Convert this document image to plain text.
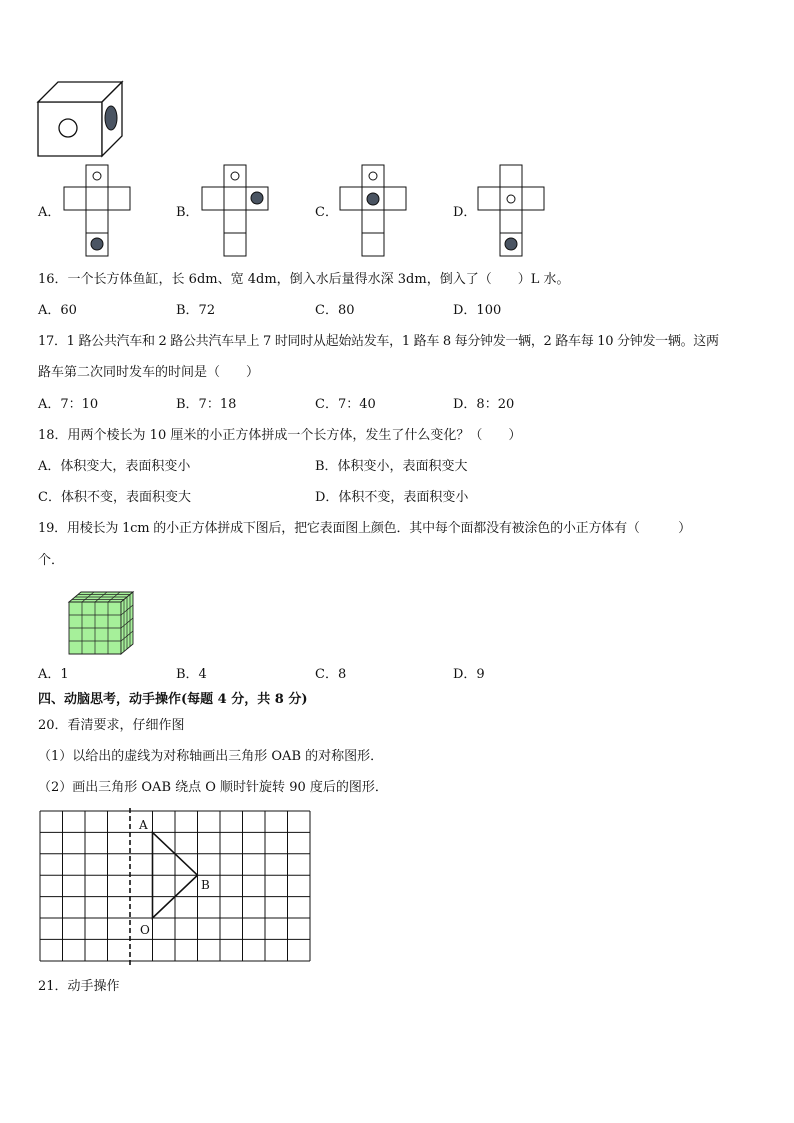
A．	B．	C．	D．
16．一个长方体鱼缸，长 6dm、宽 4dm，倒入水后量得水深 3dm，倒入了（　　）L 水。
A．60	B．72	C．80	D．100
17．1 路公共汽车和 2 路公共汽车早上 7 时同时从起始站发车，1 路车 8 每分钟发一辆，2 路车每 10 分钟发一辆。这两
路车第二次同时发车的时间是（　　）
A．7：10	B．7：18	C．7：40	D．8：20
18．用两个棱长为 10 厘米的小正方体拼成一个长方体，发生了什么变化？（　　）
A．体积变大，表面积变小	B．体积变小，表面积变大
C．体积不变，表面积变大	D．体积不变，表面积变小
19．用棱长为 1cm 的小正方体拼成下图后，把它表面图上颜色．其中每个面都没有被涂色的小正方体有（　　　）
个．
A．1	B．4	C．8	D．9
四、动脑思考，动手操作(每题 4 分，共 8 分)
20．看清要求，仔细作图
（1）以给出的虚线为对称轴画出三角形 OAB 的对称图形．
（2）画出三角形 OAB 绕点 O 顺时针旋转 90 度后的图形．
A
B
O
21．动手操作
